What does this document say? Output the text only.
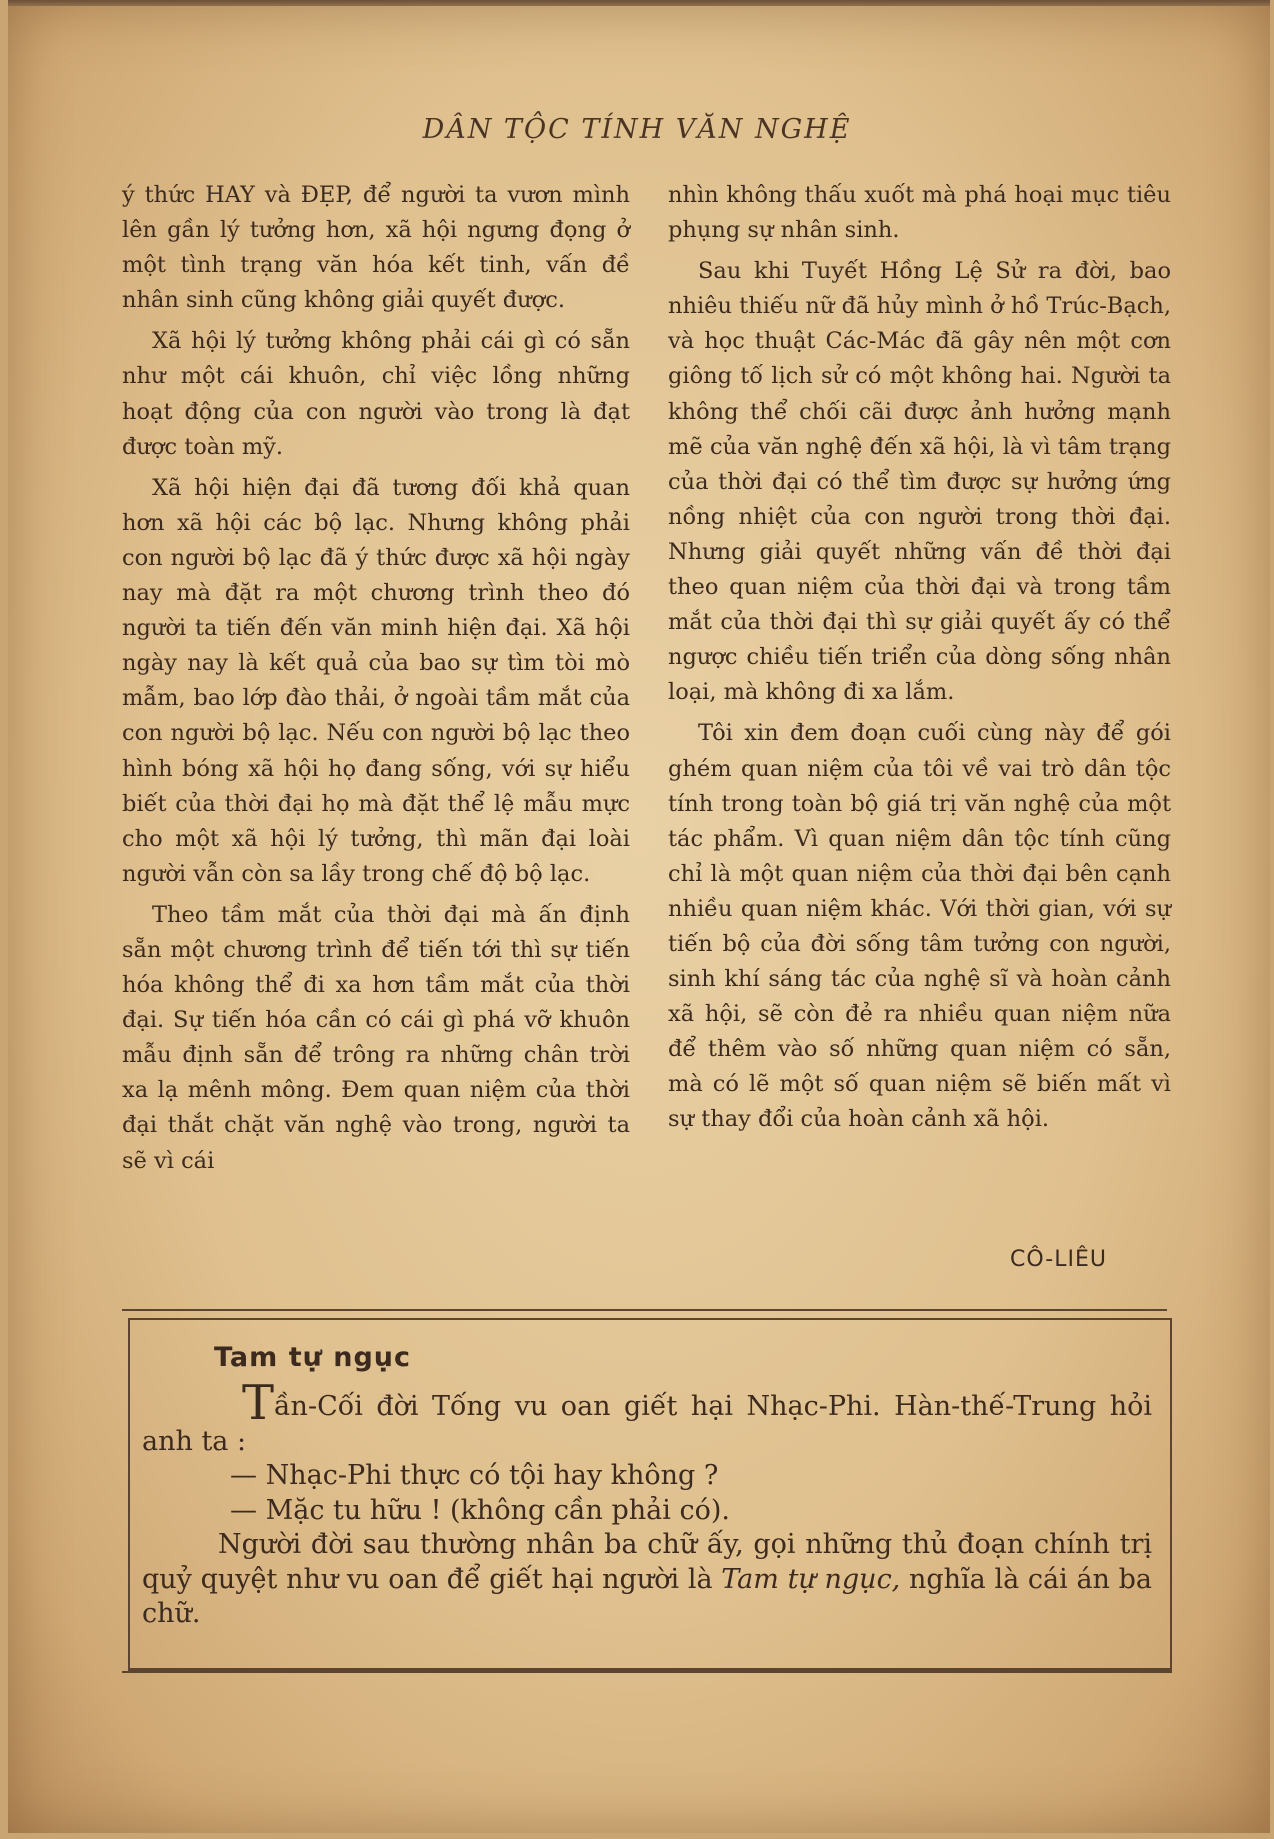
DÂN TỘC TÍNH VĂN NGHỆ

ý thức HAY và ĐẸP, để người ta vươn mình lên gần lý tưởng hơn, xã hội ngưng đọng ở một tình trạng văn hóa kết tinh, vấn đề nhân sinh cũng không giải quyết được.

Xã hội lý tưởng không phải cái gì có sẵn như một cái khuôn, chỉ việc lồng những hoạt động của con người vào trong là đạt được toàn mỹ.

Xã hội hiện đại đã tương đối khả quan hơn xã hội các bộ lạc. Nhưng không phải con người bộ lạc đã ý thức được xã hội ngày nay mà đặt ra một chương trình theo đó người ta tiến đến văn minh hiện đại. Xã hội ngày nay là kết quả của bao sự tìm tòi mò mẫm, bao lớp đào thải, ở ngoài tầm mắt của con người bộ lạc. Nếu con người bộ lạc theo hình bóng xã hội họ đang sống, với sự hiểu biết của thời đại họ mà đặt thể lệ mẫu mực cho một xã hội lý tưởng, thì mãn đại loài người vẫn còn sa lầy trong chế độ bộ lạc.

Theo tầm mắt của thời đại mà ấn định sẵn một chương trình để tiến tới thì sự tiến hóa không thể đi xa hơn tầm mắt của thời đại. Sự tiến hóa cần có cái gì phá vỡ khuôn mẫu định sẵn để trông ra những chân trời xa lạ mênh mông. Đem quan niệm của thời đại thắt chặt văn nghệ vào trong, người ta sẽ vì cái

nhìn không thấu xuốt mà phá hoại mục tiêu phụng sự nhân sinh.

Sau khi Tuyết Hồng Lệ Sử ra đời, bao nhiêu thiếu nữ đã hủy mình ở hồ Trúc-Bạch, và học thuật Các-Mác đã gây nên một cơn giông tố lịch sử có một không hai. Người ta không thể chối cãi được ảnh hưởng mạnh mẽ của văn nghệ đến xã hội, là vì tâm trạng của thời đại có thể tìm được sự hưởng ứng nồng nhiệt của con người trong thời đại. Nhưng giải quyết những vấn đề thời đại theo quan niệm của thời đại và trong tầm mắt của thời đại thì sự giải quyết ấy có thể ngược chiều tiến triển của dòng sống nhân loại, mà không đi xa lắm.

Tôi xin đem đoạn cuối cùng này để gói ghém quan niệm của tôi về vai trò dân tộc tính trong toàn bộ giá trị văn nghệ của một tác phẩm. Vì quan niệm dân tộc tính cũng chỉ là một quan niệm của thời đại bên cạnh nhiều quan niệm khác. Với thời gian, với sự tiến bộ của đời sống tâm tưởng con người, sinh khí sáng tác của nghệ sĩ và hoàn cảnh xã hội, sẽ còn đẻ ra nhiều quan niệm nữa để thêm vào số những quan niệm có sẵn, mà có lẽ một số quan niệm sẽ biến mất vì sự thay đổi của hoàn cảnh xã hội.

CÔ-LIÊU
Tam tự ngục

Tần-Cối đời Tống vu oan giết hại Nhạc-Phi. Hàn-thế-Trung hỏi anh ta :

— Nhạc-Phi thực có tội hay không ?

— Mặc tu hữu ! (không cần phải có).

Người đời sau thường nhân ba chữ ấy, gọi những thủ đoạn chính trị quỷ quyệt như vu oan để giết hại người là Tam tự ngục, nghĩa là cái án ba chữ.
